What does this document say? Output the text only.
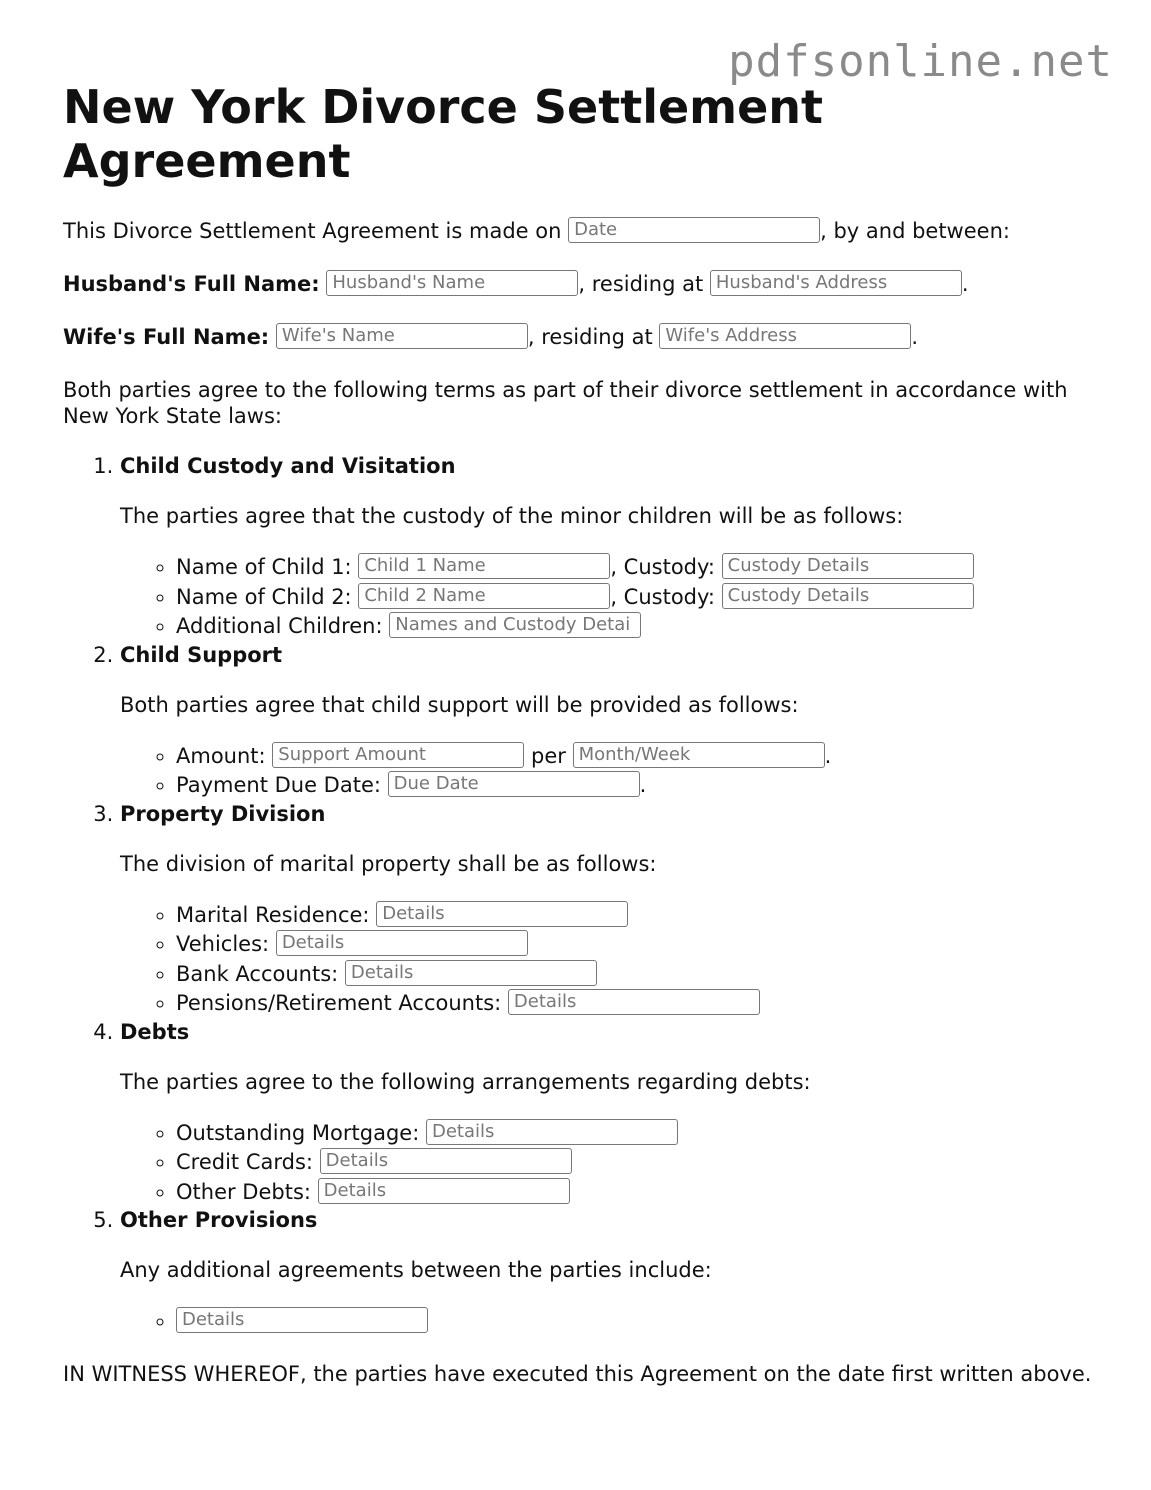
pdfsonline.net
New York Divorce Settlement Agreement
This Divorce Settlement Agreement is made on Date	, by and between:
Husband's Full Name: Husband's Name	, residing at Husband's Address	.
Wife's Full Name: Wife's Name	, residing at Wife's Address	.

Both parties agree to the following terms as part of their divorce settlement in accordance with New York State laws:

1. Child Custody and Visitation

The parties agree that the custody of the minor children will be as follows:

◦ Name of Child 1: Child 1 Name	, Custody: Custody Details
◦ Name of Child 2: Child 2 Name	, Custody: Custody Details
◦ Additional Children: Names and Custody Detai
2. Child Support

Both parties agree that child support will be provided as follows:

◦ Amount: Support Amount	per Month/Week	.
◦ Payment Due Date: Due Date	.
3. Property Division

The division of marital property shall be as follows:

◦ Marital Residence: Details
◦ Vehicles: Details
◦ Bank Accounts: Details
◦ Pensions/Retirement Accounts: Details
4. Debts

The parties agree to the following arrangements regarding debts:

◦ Outstanding Mortgage: Details
◦ Credit Cards: Details
◦ Other Debts: Details
5. Other Provisions

Any additional agreements between the parties include:

◦ Details

IN WITNESS WHEREOF, the parties have executed this Agreement on the date first written above.
